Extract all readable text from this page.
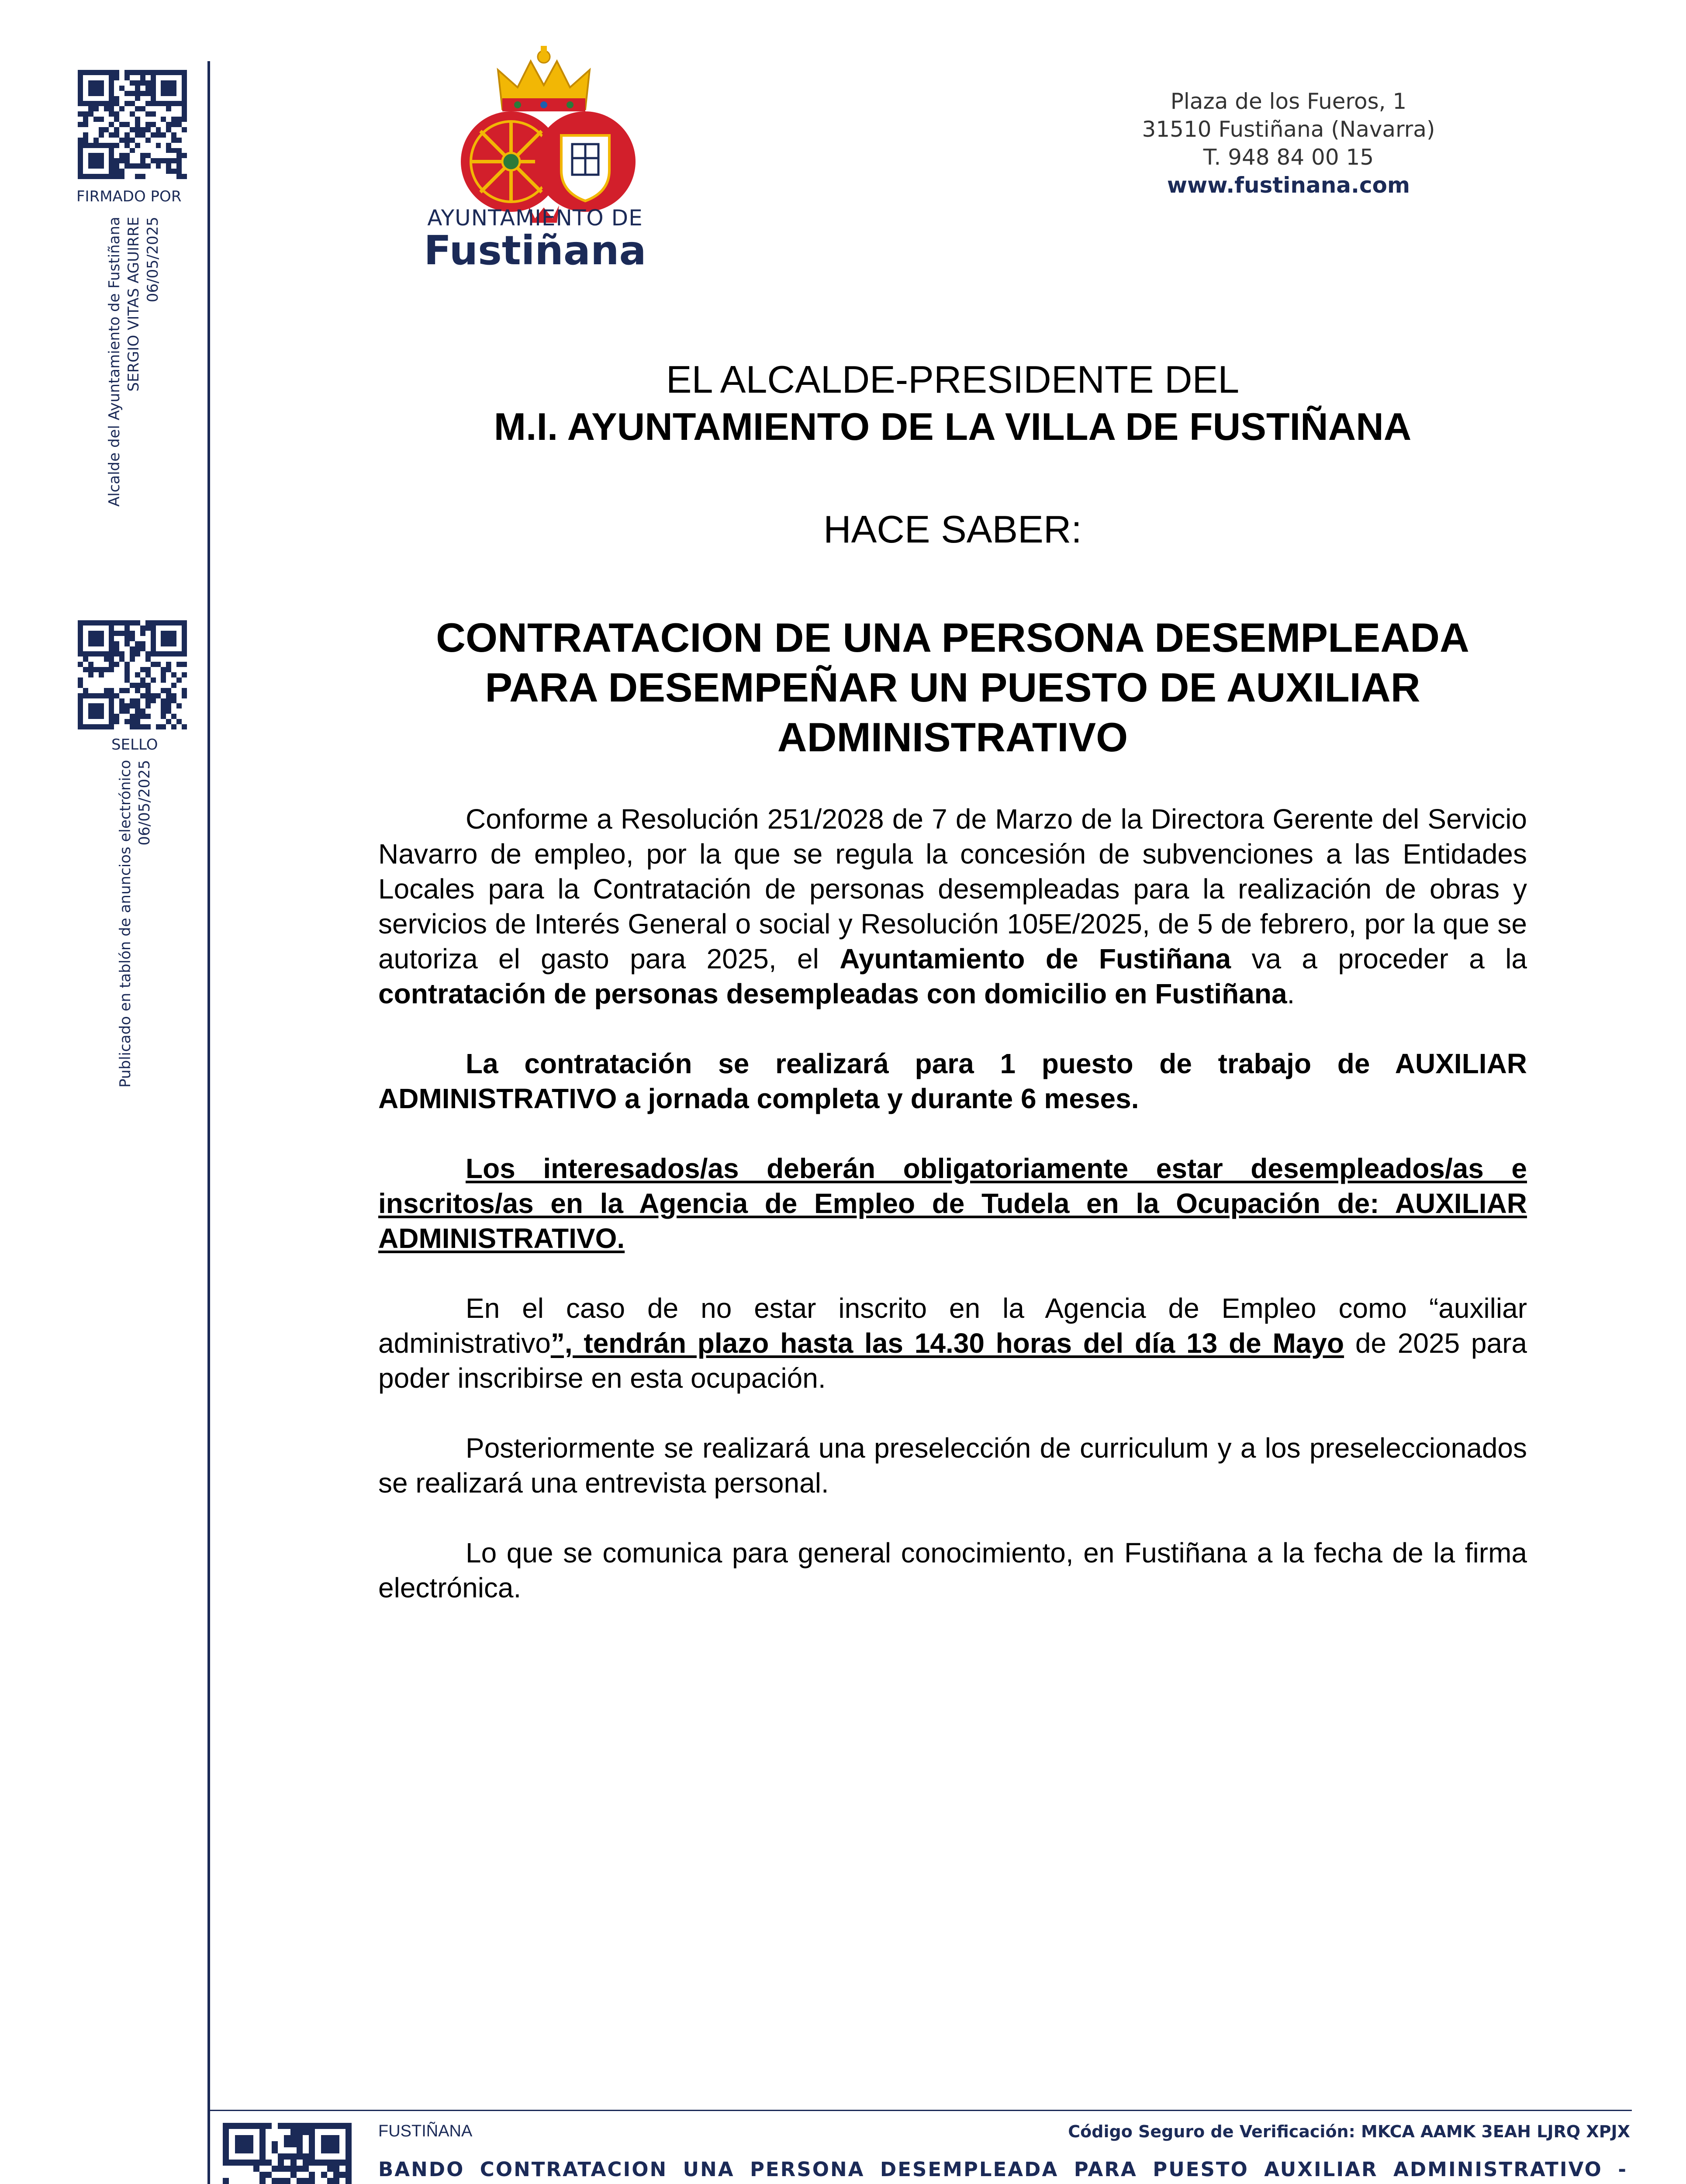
FIRMADO POR
Alcalde del Ayuntamiento de Fustiñana SERGIO VITAS AGUIRRE 06/05/2025
SELLO
Publicado en tablón de anuncios electrónico 06/05/2025
AYUNTAMIENTO DE
Fustiñana
Plaza de los Fueros, 1
31510 Fustiñana (Navarra)
T. 948 84 00 15
www.fustinana.com
EL ALCALDE-PRESIDENTE DEL
M.I. AYUNTAMIENTO DE LA VILLA DE FUSTIÑANA
HACE SABER:
CONTRATACION DE UNA PERSONA DESEMPLEADA
PARA DESEMPEÑAR UN PUESTO DE AUXILIAR
ADMINISTRATIVO

Conforme a Resolución 251/2028 de 7 de Marzo de la Directora Gerente del Servicio Navarro de empleo, por la que se regula la concesión de subvenciones a las Entidades Locales para la Contratación de personas desempleadas para la realización de obras y servicios de Interés General o social y Resolución 105E/2025, de 5 de febrero, por la que se autoriza el gasto para 2025, el Ayuntamiento de Fustiñana va a proceder a la contratación de personas desempleadas con domicilio en Fustiñana.

La contratación se realizará para 1 puesto de trabajo de AUXILIAR ADMINISTRATIVO a jornada completa y durante 6 meses.

Los interesados/as deberán obligatoriamente estar desempleados/as e inscritos/as en la Agencia de Empleo de Tudela en la Ocupación de: AUXILIAR ADMINISTRATIVO.

En el caso de no estar inscrito en la Agencia de Empleo como “auxiliar administrativo”, tendrán plazo hasta las 14.30 horas del día 13 de Mayo de 2025 para poder inscribirse en esta ocupación.

Posteriormente se realizará una preselección de curriculum y a los preseleccionados se realizará una entrevista personal.

Lo que se comunica para general conocimiento, en Fustiñana a la fecha de la firma electrónica.

FUSTIÑANA	Código Seguro de Verificación: MKCA AAMK 3EAH LJRQ XPJX
BANDO CONTRATACION UNA PERSONA DESEMPLEADA PARA PUESTO AUXILIAR ADMINISTRATIVO -
